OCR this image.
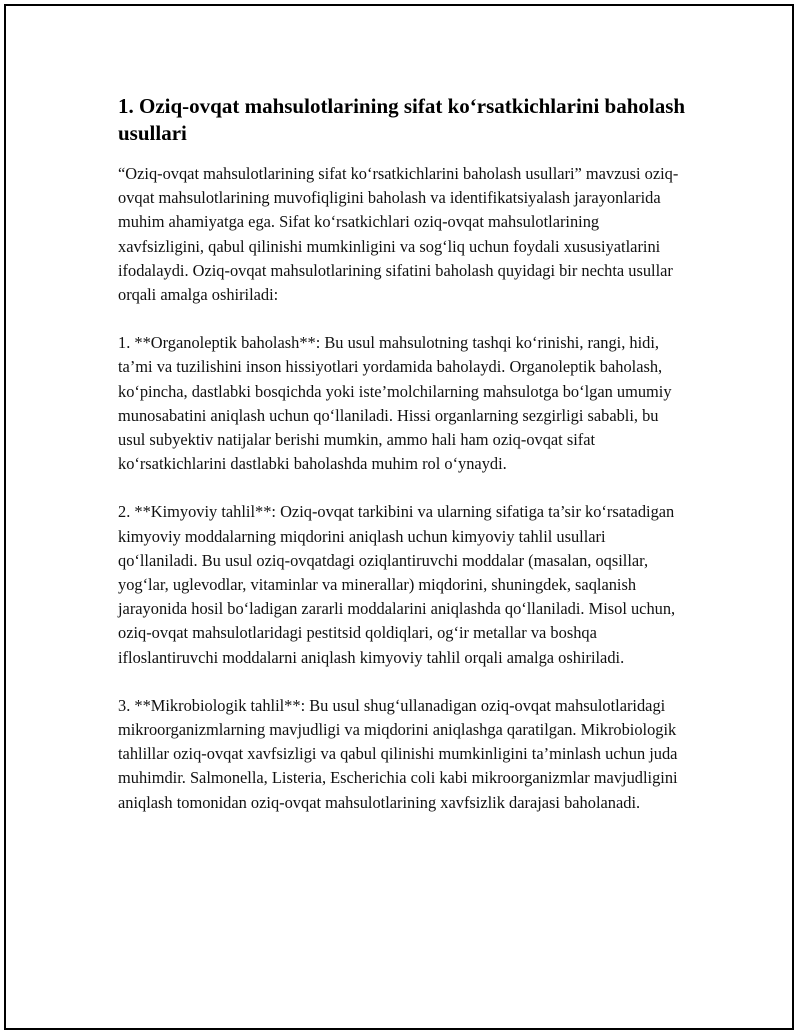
1. Oziq-ovqat mahsulotlarining sifat ko‘rsatkichlarini baholash usullari

“Oziq-ovqat mahsulotlarining sifat ko‘rsatkichlarini baholash usullari” mavzusi oziq-ovqat mahsulotlarining muvofiqligini baholash va identifikatsiyalash jarayonlarida muhim ahamiyatga ega. Sifat ko‘rsatkichlari oziq-ovqat mahsulotlarining xavfsizligini, qabul qilinishi mumkinligini va sog‘liq uchun foydali xususiyatlarini ifodalaydi. Oziq-ovqat mahsulotlarining sifatini baholash quyidagi bir nechta usullar orqali amalga oshiriladi:

1. **Organoleptik baholash**: Bu usul mahsulotning tashqi ko‘rinishi, rangi, hidi, ta’mi va tuzilishini inson hissiyotlari yordamida baholaydi. Organoleptik baholash, ko‘pincha, dastlabki bosqichda yoki iste’molchilarning mahsulotga bo‘lgan umumiy munosabatini aniqlash uchun qo‘llaniladi. Hissi organlarning sezgirligi sababli, bu usul subyektiv natijalar berishi mumkin, ammo hali ham oziq-ovqat sifat ko‘rsatkichlarini dastlabki baholashda muhim rol o‘ynaydi.

2. **Kimyoviy tahlil**: Oziq-ovqat tarkibini va ularning sifatiga ta’sir ko‘rsatadigan kimyoviy moddalarning miqdorini aniqlash uchun kimyoviy tahlil usullari qo‘llaniladi. Bu usul oziq-ovqatdagi oziqlantiruvchi moddalar (masalan, oqsillar, yog‘lar, uglevodlar, vitaminlar va minerallar) miqdorini, shuningdek, saqlanish jarayonida hosil bo‘ladigan zararli moddalarini aniqlashda qo‘llaniladi. Misol uchun, oziq-ovqat mahsulotlaridagi pestitsid qoldiqlari, og‘ir metallar va boshqa ifloslantiruvchi moddalarni aniqlash kimyoviy tahlil orqali amalga oshiriladi.

3. **Mikrobiologik tahlil**: Bu usul shug‘ullanadigan oziq-ovqat mahsulotlaridagi mikroorganizmlarning mavjudligi va miqdorini aniqlashga qaratilgan. Mikrobiologik tahlillar oziq-ovqat xavfsizligi va qabul qilinishi mumkinligini ta’minlash uchun juda muhimdir. Salmonella, Listeria, Escherichia coli kabi mikroorganizmlar mavjudligini aniqlash tomonidan oziq-ovqat mahsulotlarining xavfsizlik darajasi baholanadi.
